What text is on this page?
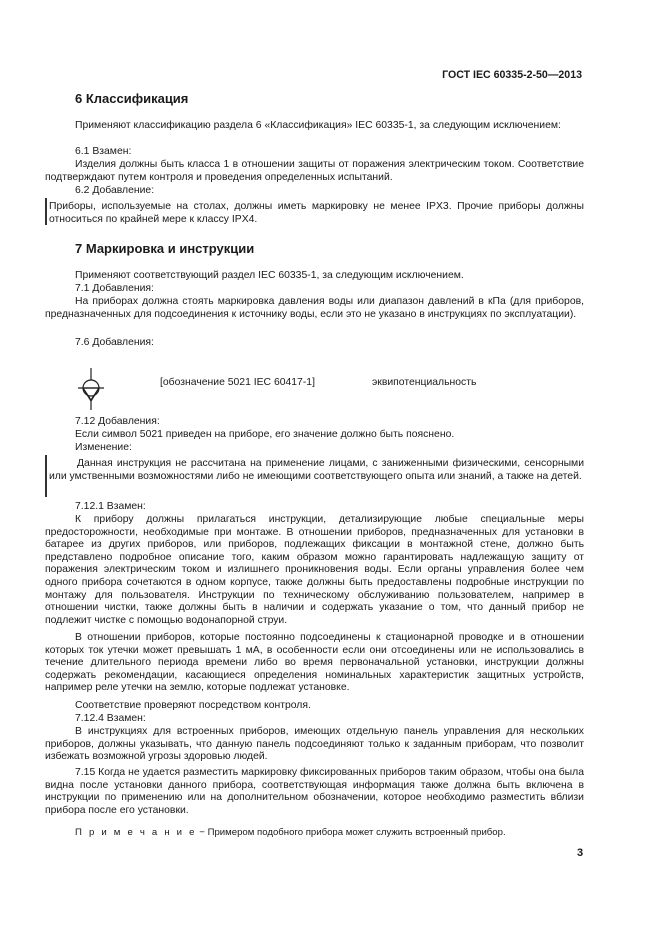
ГОСТ IEC 60335-2-50—2013
6 Классификация

Применяют классификацию раздела 6 «Классификация» IEC 60335-1, за следующим исключением:

6.1 Взамен:

Изделия должны быть класса 1 в отношении защиты от поражения электрическим током. Соответствие подтверждают путем контроля и проведения определенных испытаний.

6.2 Добавление:

Приборы, используемые на столах, должны иметь маркировку не менее IPX3. Прочие приборы должны относиться по крайней мере к классу IPX4.

7 Маркировка и инструкции
Применяют соответствующий раздел IEC 60335-1, за следующим исключением.
7.1 Добавления:

На приборах должна стоять маркировка давления воды или диапазон давлений в кПа (для приборов, предназначенных для подсоединения к источнику воды, если это не указано в инструкциях по эксплуатации).

7.6 Добавления:
[обозначение 5021 IEC 60417-1]	эквипотенциальность
7.12 Добавления:
Если символ 5021 приведен на приборе, его значение должно быть пояснено.
Изменение:

Данная инструкция не рассчитана на применение лицами, с заниженными физическими, сенсорными или умственными возможностями либо не имеющими соответствующего опыта или знаний, а также на детей.

7.12.1 Взамен:

К прибору должны прилагаться инструкции, детализирующие любые специальные меры предосторожности, необходимые при монтаже. В отношении приборов, предназначенных для установки в батарее из других приборов, или приборов, подлежащих фиксации в монтажной стене, должно быть представлено подробное описание того, каким образом можно гарантировать надлежащую защиту от поражения электрическим током и излишнего проникновения воды. Если органы управления более чем одного прибора сочетаются в одном корпусе, также должны быть предоставлены подробные инструкции по монтажу для пользователя. Инструкции по техническому обслуживанию пользователем, например в отношении чистки, также должны быть в наличии и содержать указание о том, что данный прибор не подлежит чистке с помощью водонапорной струи.

В отношении приборов, которые постоянно подсоединены к стационарной проводке и в отношении которых ток утечки может превышать 1 мА, в особенности если они отсоединены или не использовались в течение длительного периода времени либо во время первоначальной установки, инструкции должны содержать рекомендации, касающиеся определения номинальных характеристик защитных устройств, например реле утечки на землю, которые подлежат установке.

Соответствие проверяют посредством контроля.
7.12.4 Взамен:

В инструкциях для встроенных приборов, имеющих отдельную панель управления для нескольких приборов, должны указывать, что данную панель подсоединяют только к заданным приборам, что позволит избежать возможной угрозы здоровью людей.

7.15 Когда не удается разместить маркировку фиксированных приборов таким образом, чтобы она была видна после установки данного прибора, соответствующая информация также должна быть включена в инструкции по применению или на дополнительном обозначении, которое необходимо разместить вблизи прибора после его установки.

П р и м е ч а н и е − Примером подобного прибора может служить встроенный прибор.
3
